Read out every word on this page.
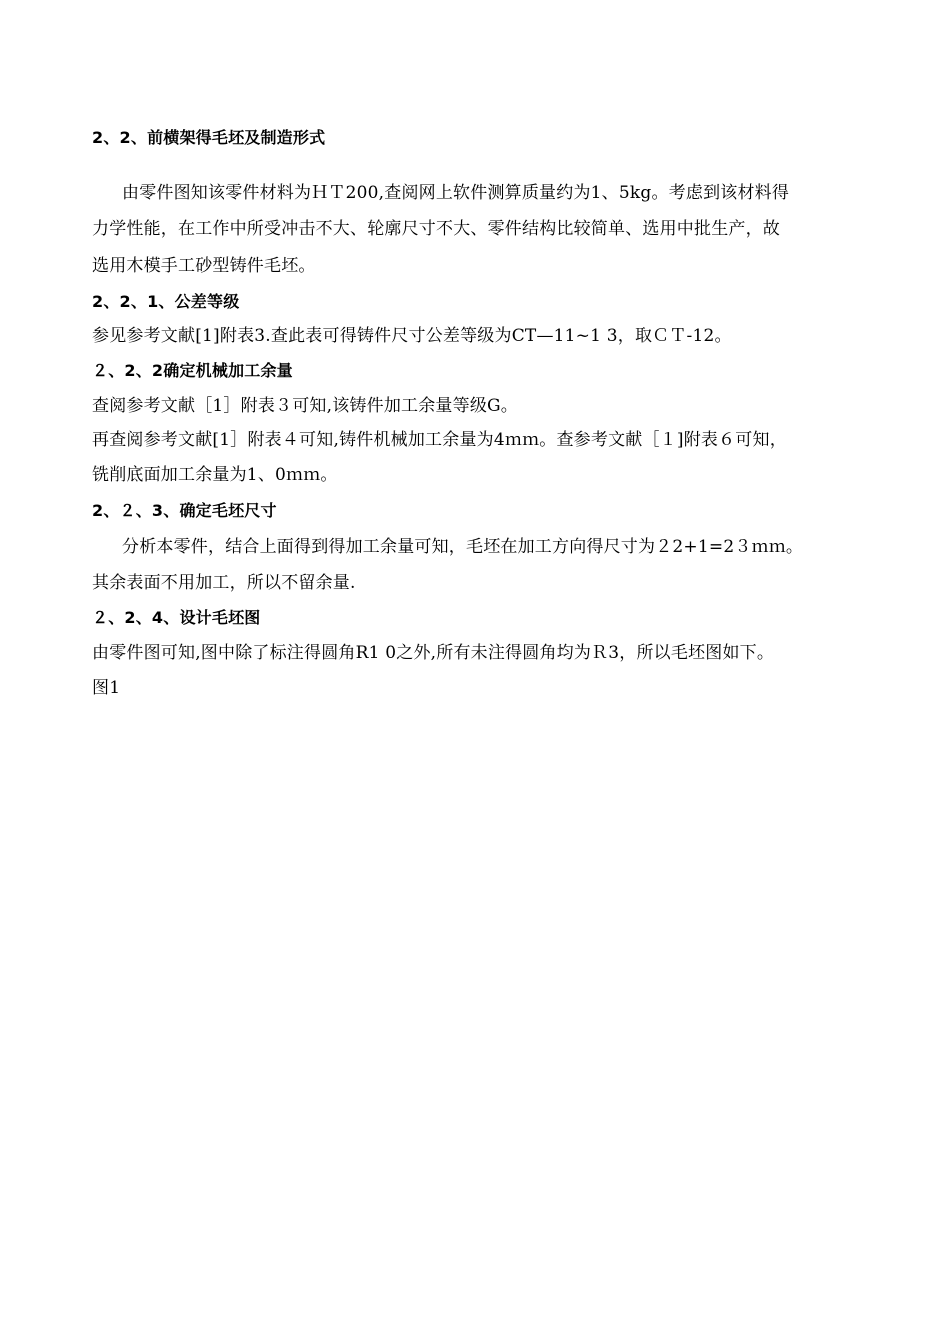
2、2、前横架得毛坯及制造形式
由零件图知该零件材料为ＨＴ200,查阅网上软件测算质量约为1、5kg。考虑到该材料得
力学性能，在工作中所受冲击不大、轮廓尺寸不大、零件结构比较简单、选用中批生产，故
选用木模手工砂型铸件毛坯。
2、2、1、公差等级
参见参考文献[1]附表3.查此表可得铸件尺寸公差等级为CT—11~1 3，取ＣＴ-12。
２、2、2确定机械加工余量
查阅参考文献［1］附表３可知,该铸件加工余量等级G。
再查阅参考文献[1］附表４可知,铸件机械加工余量为4ｍｍ。查参考文献［１]附表６可知，
铣削底面加工余量为1、0ｍｍ。
2、２、3、确定毛坯尺寸
分析本零件，结合上面得到得加工余量可知，毛坯在加工方向得尺寸为２2+1=2３ｍｍ。
其余表面不用加工，所以不留余量.
２、2、4、设计毛坯图
由零件图可知,图中除了标注得圆角R1 0之外,所有未注得圆角均为Ｒ3，所以毛坯图如下。
图1
